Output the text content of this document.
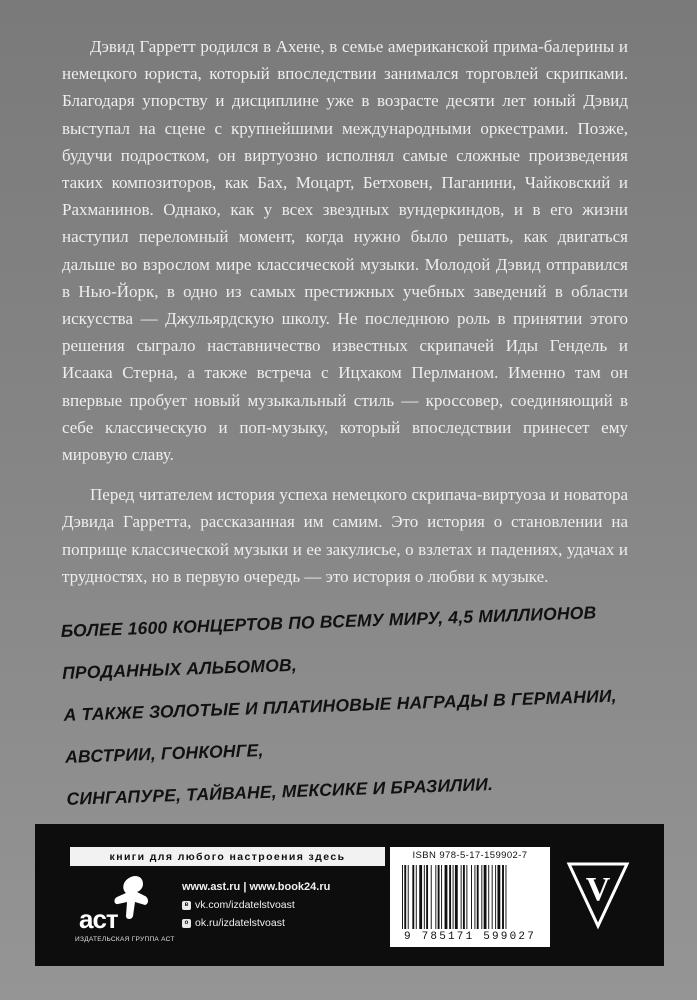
Дэвид Гарретт родился в Ахене, в семье американской прима-балерины и немецкого юриста, который впоследствии занимался торговлей скрипками. Благодаря упорству и дисциплине уже в возрасте десяти лет юный Дэвид выступал на сцене с крупнейшими международными оркестрами. Позже, будучи подростком, он виртуозно исполнял самые сложные произведения таких композиторов, как Бах, Моцарт, Бетховен, Паганини, Чайковский и Рахманинов. Однако, как у всех звездных вундеркиндов, и в его жизни наступил переломный момент, когда нужно было решать, как двигаться дальше во взрослом мире классической музыки. Молодой Дэвид отправился в Нью-Йорк, в одно из самых престижных учебных заведений в области искусства — Джульярдскую школу. Не последнюю роль в принятии этого решения сыграло наставничество известных скрипачей Иды Гендель и Исаака Стерна, а также встреча с Ицхаком Перлманом. Именно там он впервые пробует новый музыкальный стиль — кроссовер, соединяющий в себе классическую и поп-музыку, который впоследствии принесет ему мировую славу.

Перед читателем история успеха немецкого скрипача-виртуоза и новатора Дэвида Гарретта, рассказанная им самим. Это история о становлении на поприще классической музыки и ее закулисье, о взлетах и падениях, удачах и трудностях, но в первую очередь — это история о любви к музыке.

БОЛЕЕ 1600 КОНЦЕРТОВ ПО ВСЕМУ МИРУ, 4,5 МИЛЛИОНОВ ПРОДАННЫХ АЛЬБОМОВ,
А ТАКЖЕ ЗОЛОТЫЕ И ПЛАТИНОВЫЕ НАГРАДЫ В ГЕРМАНИИ, АВСТРИИ, ГОНКОНГЕ,
СИНГАПУРЕ, ТАЙВАНЕ, МЕКСИКЕ И БРАЗИЛИИ.
книги для любого настроения здесь
аст
ИЗДАТЕЛЬСКАЯ ГРУППА АСТ
www.ast.ru | www.book24.ru
в vk.com/izdatelstvoast
о ok.ru/izdatelstvoast
ISBN 978-5-17-159902-7
9 785171 599027
V
